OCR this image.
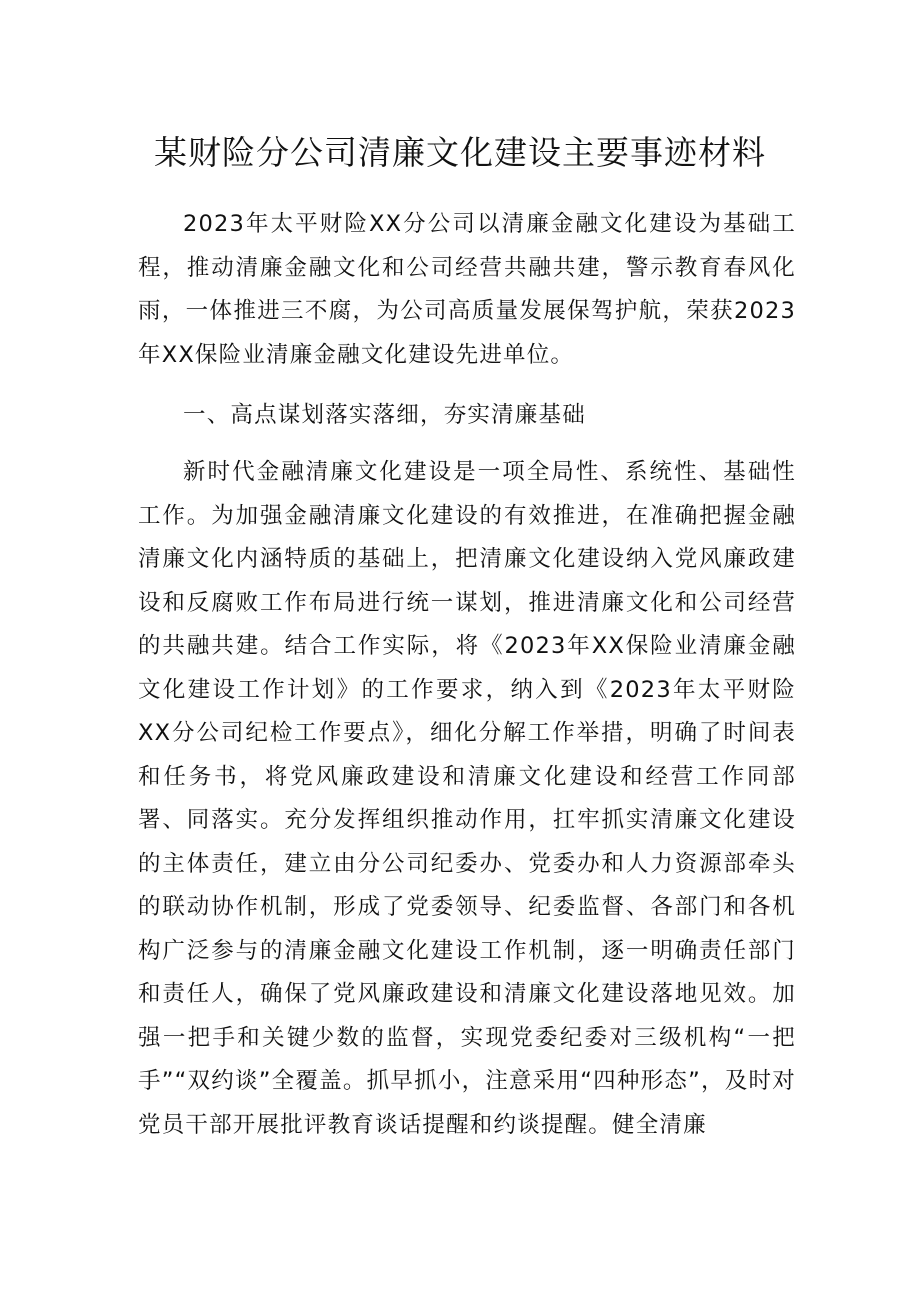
某财险分公司清廉文化建设主要事迹材料

2023年太平财险XX分公司以清廉金融文化建设为基础工程，推动清廉金融文化和公司经营共融共建，警示教育春风化雨，一体推进三不腐，为公司高质量发展保驾护航，荣获2023年XX保险业清廉金融文化建设先进单位。

一、高点谋划落实落细，夯实清廉基础

新时代金融清廉文化建设是一项全局性、系统性、基础性工作。为加强金融清廉文化建设的有效推进，在准确把握金融清廉文化内涵特质的基础上，把清廉文化建设纳入党风廉政建设和反腐败工作布局进行统一谋划，推进清廉文化和公司经营的共融共建。结合工作实际，将《2023年XX保险业清廉金融文化建设工作计划》的工作要求，纳入到《2023年太平财险XX分公司纪检工作要点》，细化分解工作举措，明确了时间表和任务书，将党风廉政建设和清廉文化建设和经营工作同部署、同落实。充分发挥组织推动作用，扛牢抓实清廉文化建设的主体责任，建立由分公司纪委办、党委办和人力资源部牵头的联动协作机制，形成了党委领导、纪委监督、各部门和各机构广泛参与的清廉金融文化建设工作机制，逐一明确责任部门和责任人，确保了党风廉政建设和清廉文化建设落地见效。加强一把手和关键少数的监督，实现党委纪委对三级机构“一把手”“双约谈”全覆盖。抓早抓小，注意采用“四种形态”，及时对党员干部开展批评教育谈话提醒和约谈提醒。健全清廉
